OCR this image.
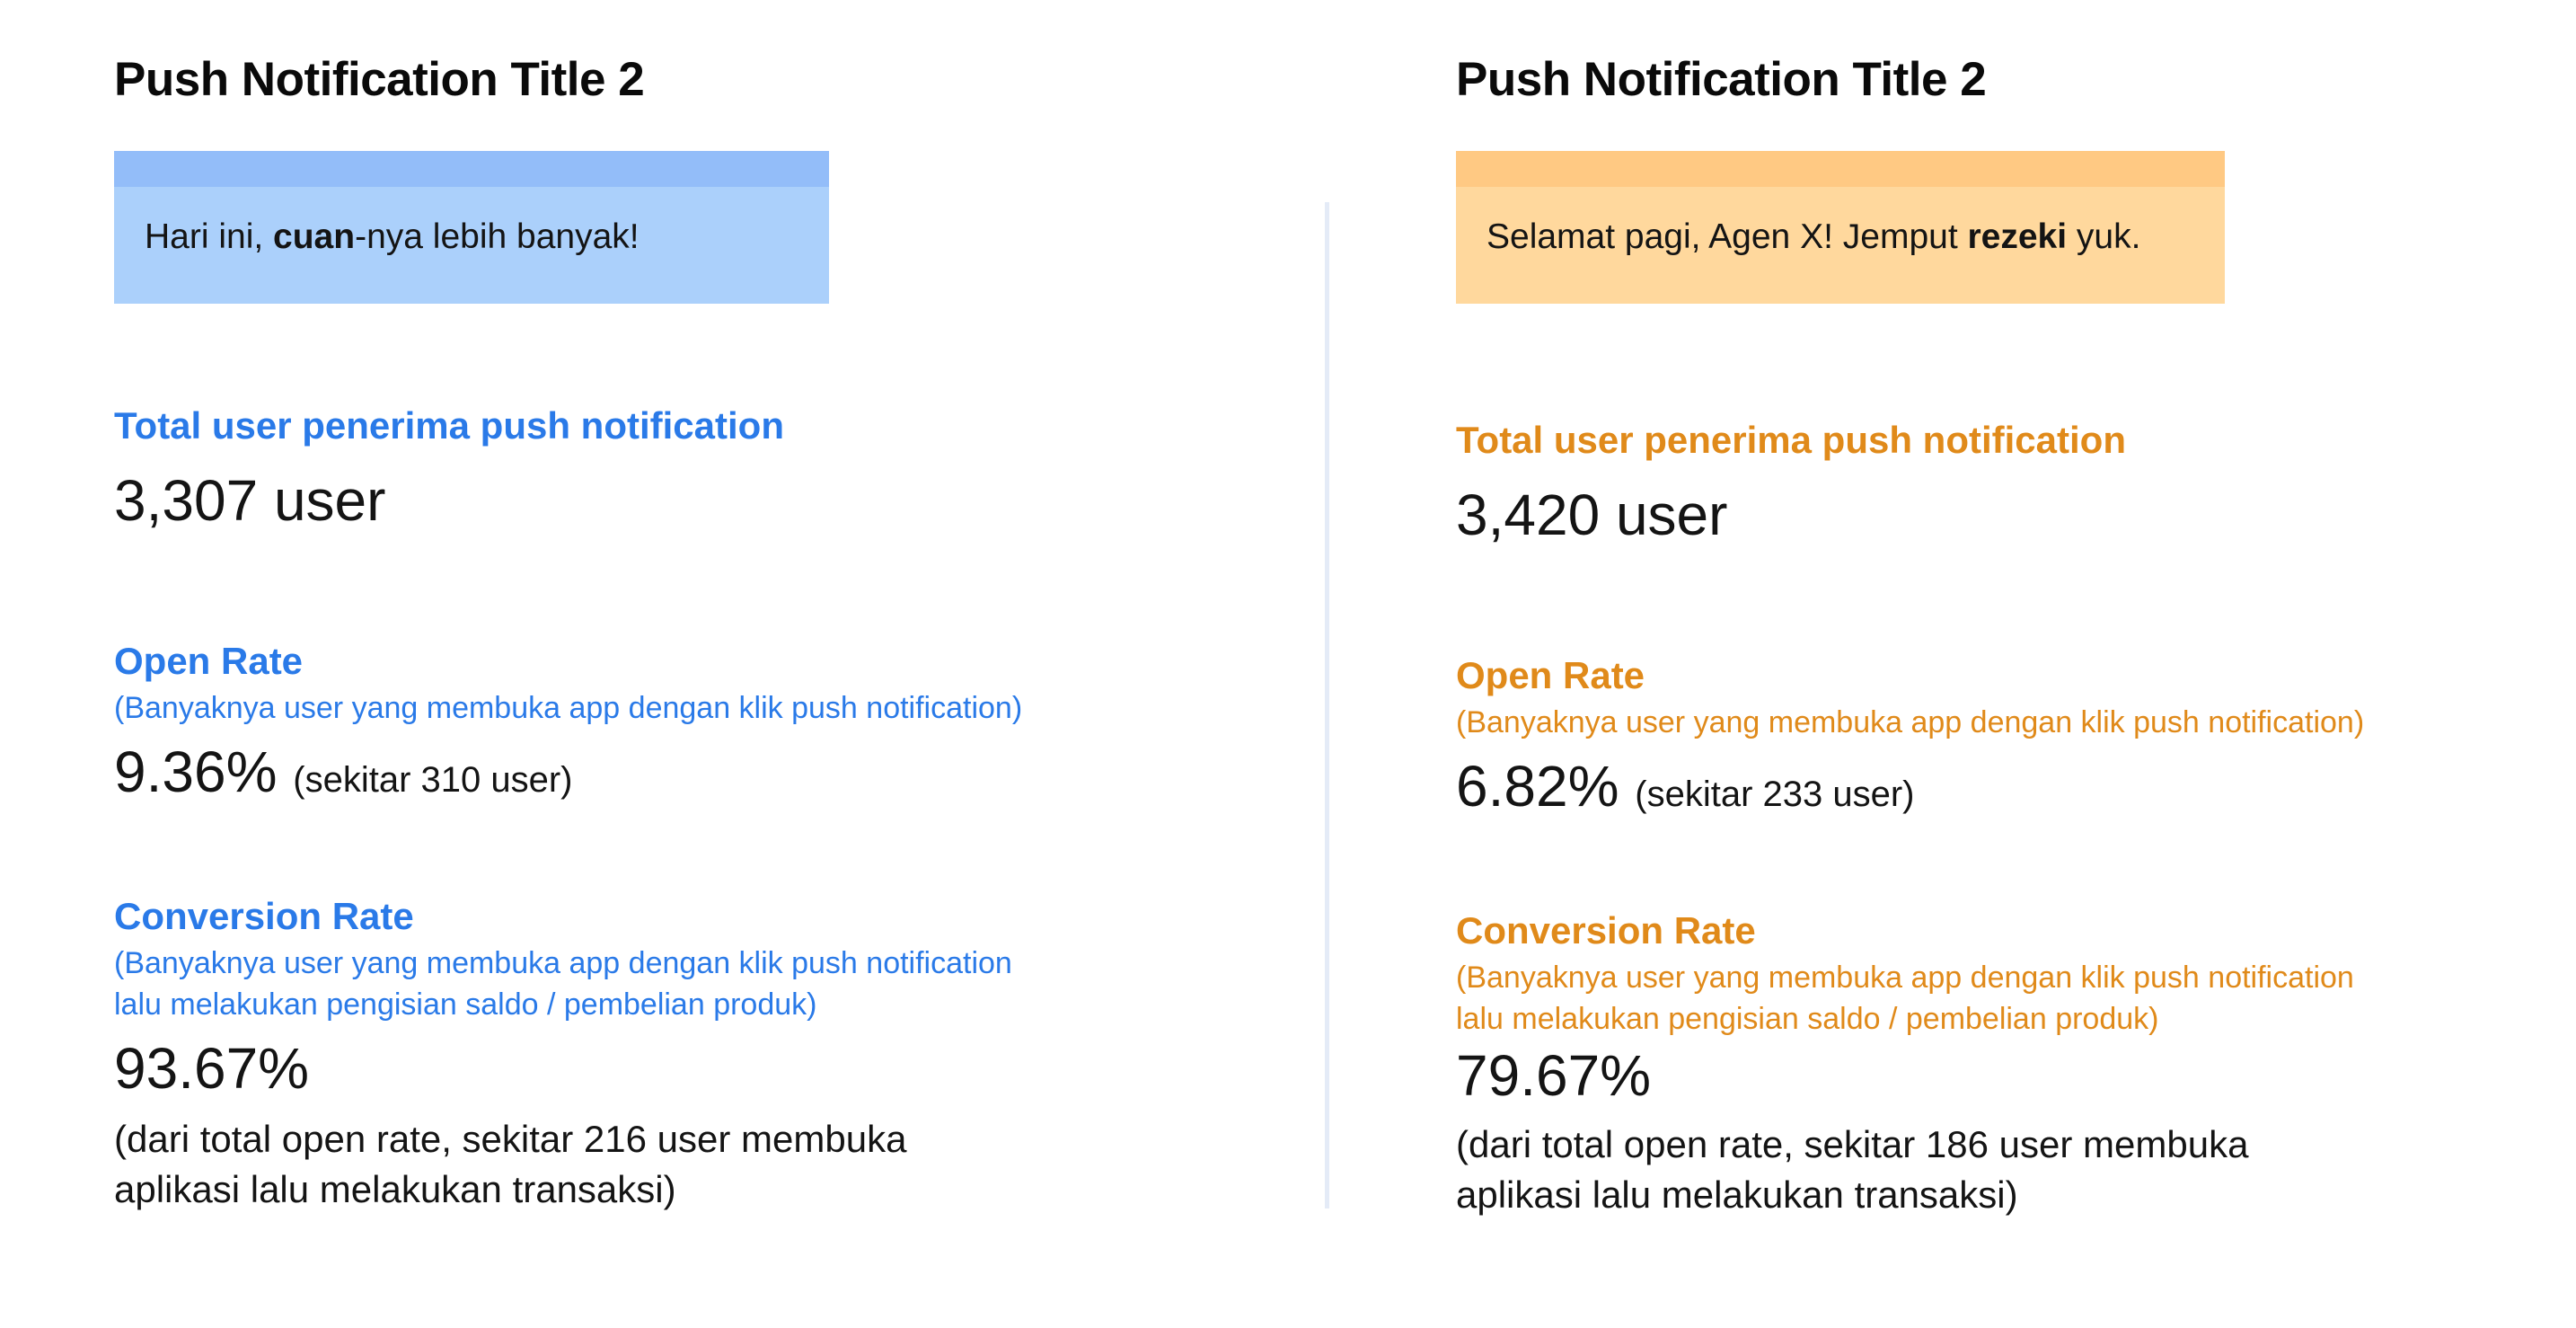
Push Notification Title 2
Hari ini, cuan-nya lebih banyak!

Total user penerima push notification

3,307 user

Open Rate

(Banyaknya user yang membuka app dengan klik push notification)

9.36% (sekitar 310 user)

Conversion Rate

(Banyaknya user yang membuka app dengan klik push notification
lalu melakukan pengisian saldo / pembelian produk)

93.67%

(dari total open rate, sekitar 216 user membuka
aplikasi lalu melakukan transaksi)

Push Notification Title 2
Selamat pagi, Agen X! Jemput rezeki yuk.

Total user penerima push notification

3,420 user

Open Rate

(Banyaknya user yang membuka app dengan klik push notification)

6.82% (sekitar 233 user)

Conversion Rate

(Banyaknya user yang membuka app dengan klik push notification
lalu melakukan pengisian saldo / pembelian produk)

79.67%

(dari total open rate, sekitar 186 user membuka
aplikasi lalu melakukan transaksi)
